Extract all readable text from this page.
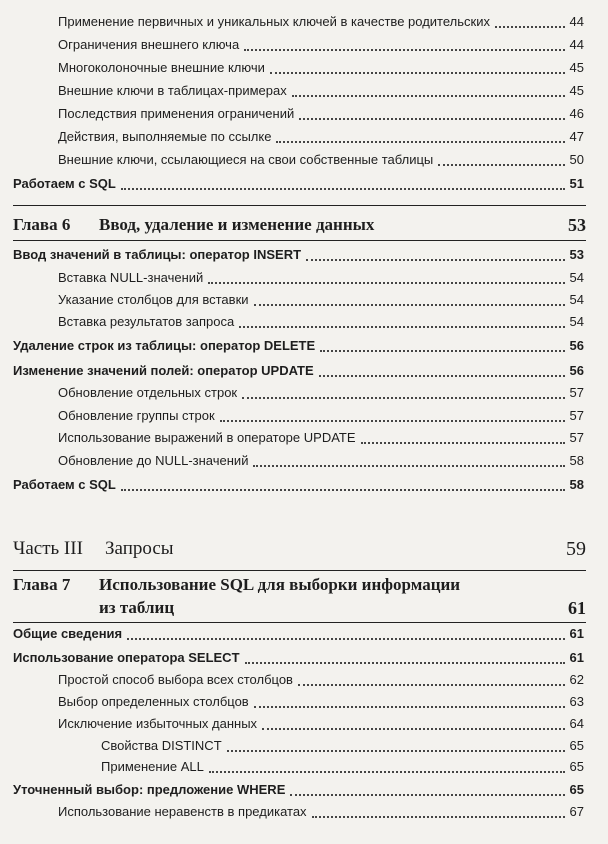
Применение первичных и уникальных ключей в качестве родительских	44
Ограничения внешнего ключа	44
Многоколоночные внешние ключи	45
Внешние ключи в таблицах-примерах	45
Последствия применения ограничений	46
Действия, выполняемые по ссылке	47
Внешние ключи, ссылающиеся на свои собственные таблицы	50
Работаем с SQL	51
Глава 6 Ввод, удаление и изменение данных	53
Ввод значений в таблицы: оператор INSERT	53
Вставка NULL-значений	54
Указание столбцов для вставки	54
Вставка результатов запроса	54
Удаление строк из таблицы: оператор DELETE	56
Изменение значений полей: оператор UPDATE	56
Обновление отдельных строк	57
Обновление группы строк	57
Использование выражений в операторе UPDATE	57
Обновление до NULL-значений	58
Работаем с SQL	58
Часть III Запросы	59
Глава 7 Использование SQL для выборки информации
из таблиц	61
Общие сведения	61
Использование оператора SELECT	61
Простой способ выбора всех столбцов	62
Выбор определенных столбцов	63
Исключение избыточных данных	64
Свойства DISTINCT	65
Применение ALL	65
Уточненный выбор: предложение WHERE	65
Использование неравенств в предикатах	67
